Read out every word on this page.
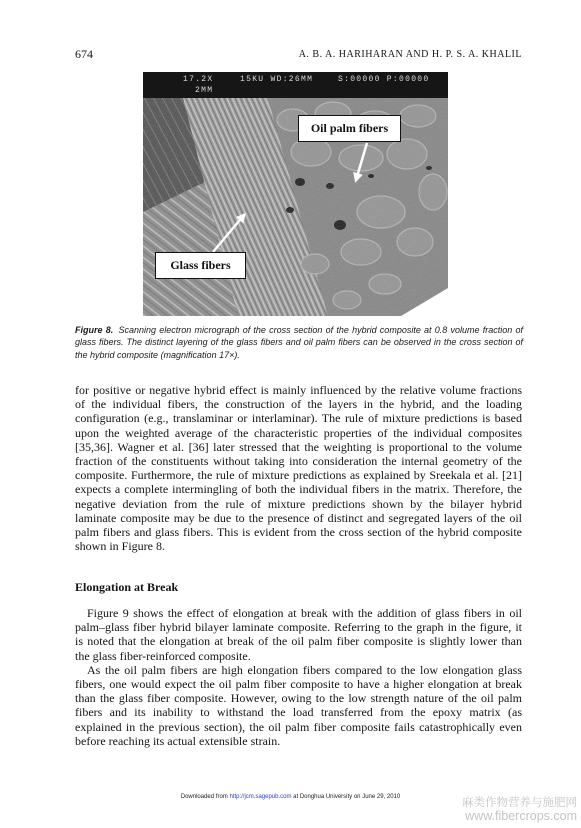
674	A. B. A. HARIHARAN AND H. P. S. A. KHALIL
17.2X	15KU WD:26MM	S:00000 P:00000
2MM
Oil palm fibers
Glass fibers
Figure 8. Scanning electron micrograph of the cross section of the hybrid composite at 0.8 volume fraction of
glass fibers. The distinct layering of the glass fibers and oil palm fibers can be observed in the cross section of
the hybrid composite (magnification 17×).
for positive or negative hybrid effect is mainly influenced by the relative volume fractions
of the individual fibers, the construction of the layers in the hybrid, and the loading
configuration (e.g., translaminar or interlaminar). The rule of mixture predictions is based
upon the weighted average of the characteristic properties of the individual composites
[35,36]. Wagner et al. [36] later stressed that the weighting is proportional to the volume
fraction of the constituents without taking into consideration the internal geometry of the
composite. Furthermore, the rule of mixture predictions as explained by Sreekala et al. [21]
expects a complete intermingling of both the individual fibers in the matrix. Therefore, the
negative deviation from the rule of mixture predictions shown by the bilayer hybrid
laminate composite may be due to the presence of distinct and segregated layers of the oil
palm fibers and glass fibers. This is evident from the cross section of the hybrid composite
shown in Figure 8.
Elongation at Break
Figure 9 shows the effect of elongation at break with the addition of glass fibers in oil
palm–glass fiber hybrid bilayer laminate composite. Referring to the graph in the figure, it
is noted that the elongation at break of the oil palm fiber composite is slightly lower than
the glass fiber-reinforced composite.
As the oil palm fibers are high elongation fibers compared to the low elongation glass
fibers, one would expect the oil palm fiber composite to have a higher elongation at break
than the glass fiber composite. However, owing to the low strength nature of the oil palm
fibers and its inability to withstand the load transferred from the epoxy matrix (as
explained in the previous section), the oil palm fiber composite fails catastrophically even
before reaching its actual extensible strain.
Downloaded from http://jcm.sagepub.com at Donghua University on June 29, 2010	麻类作物营养与施肥网
www.fibercrops.com
